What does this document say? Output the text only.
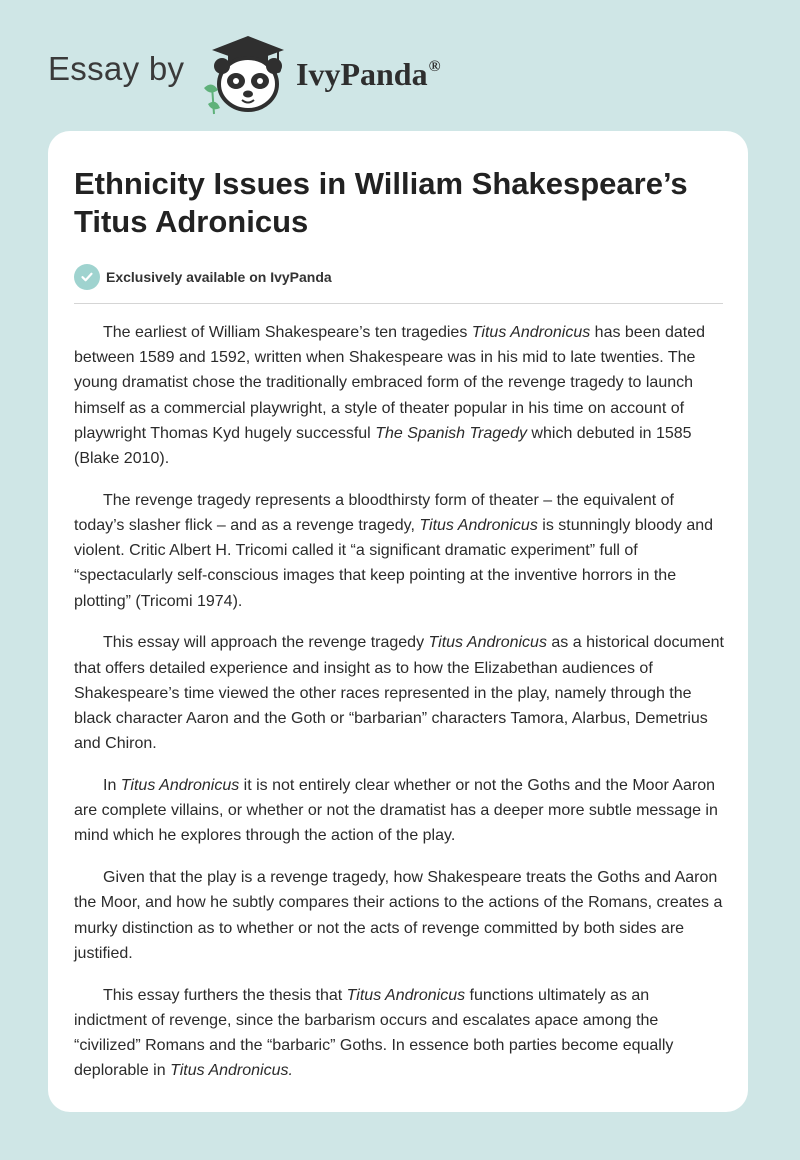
Essay by	IvyPanda®
Ethnicity Issues in William Shakespeare’s Titus Adronicus
Exclusively available on IvyPanda

The earliest of William Shakespeare’s ten tragedies Titus Andronicus has been dated between 1589 and 1592, written when Shakespeare was in his mid to late twenties. The young dramatist chose the traditionally embraced form of the revenge tragedy to launch himself as a commercial playwright, a style of theater popular in his time on account of playwright Thomas Kyd hugely successful The Spanish Tragedy which debuted in 1585 (Blake 2010).

The revenge tragedy represents a bloodthirsty form of theater – the equivalent of today’s slasher flick – and as a revenge tragedy, Titus Andronicus is stunningly bloody and violent. Critic Albert H. Tricomi called it “a significant dramatic experiment” full of “spectacularly self-conscious images that keep pointing at the inventive horrors in the plotting” (Tricomi 1974).

This essay will approach the revenge tragedy Titus Andronicus as a historical document that offers detailed experience and insight as to how the Elizabethan audiences of Shakespeare’s time viewed the other races represented in the play, namely through the black character Aaron and the Goth or “barbarian” characters Tamora, Alarbus, Demetrius and Chiron.

In Titus Andronicus it is not entirely clear whether or not the Goths and the Moor Aaron are complete villains, or whether or not the dramatist has a deeper more subtle message in mind which he explores through the action of the play.

Given that the play is a revenge tragedy, how Shakespeare treats the Goths and Aaron the Moor, and how he subtly compares their actions to the actions of the Romans, creates a murky distinction as to whether or not the acts of revenge committed by both sides are justified.

This essay furthers the thesis that Titus Andronicus functions ultimately as an indictment of revenge, since the barbarism occurs and escalates apace among the “civilized” Romans and the “barbaric” Goths. In essence both parties become equally deplorable in Titus Andronicus.
